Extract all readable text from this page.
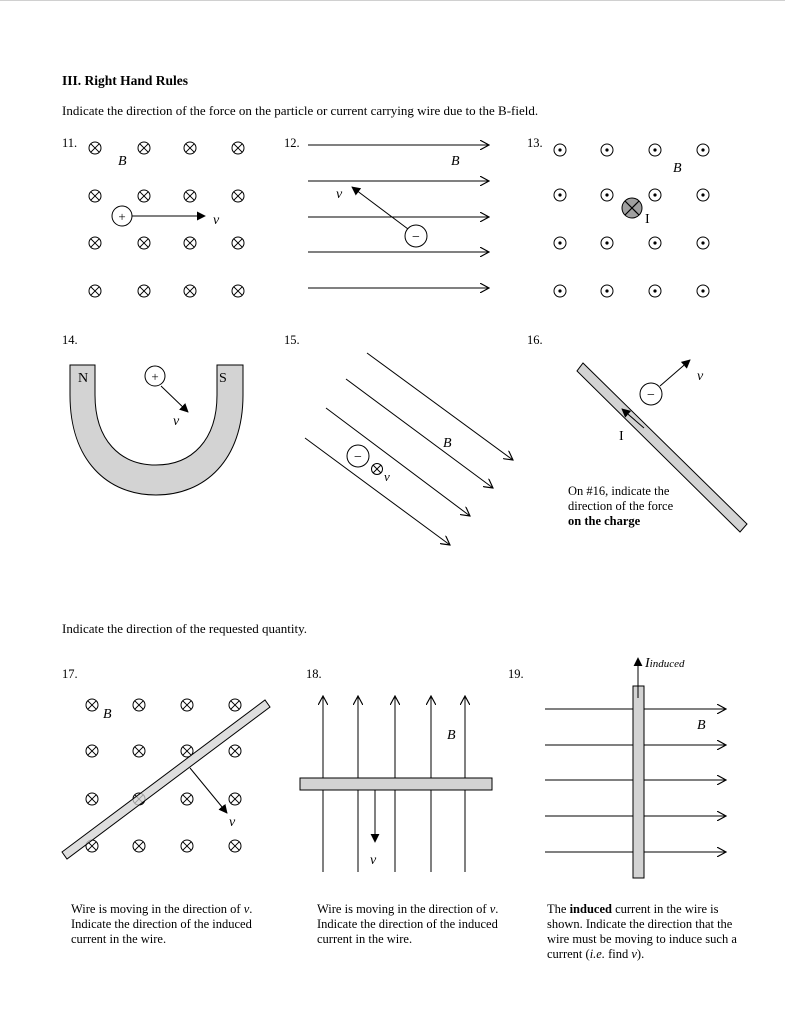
III. Right Hand Rules
Indicate the direction of the force on the particle or current carrying wire due to the B-field.
11.	12.	13.
14.	15.	16.
Indicate the direction of the requested quantity.
17.	18.	19.
On #16, indicate the direction of the force on the charge
Wire is moving in the direction of v. Indicate the direction of the induced current in the wire.
Wire is moving in the direction of v. Indicate the direction of the induced current in the wire.
The induced current in the wire is shown. Indicate the direction that the wire must be moving to induce such a current (i.e. find v).
B
+	v
B
v
−
B
I
N	S
+
v
B
−
v
I
−
v
B
v
B
v
Iinduced
B
